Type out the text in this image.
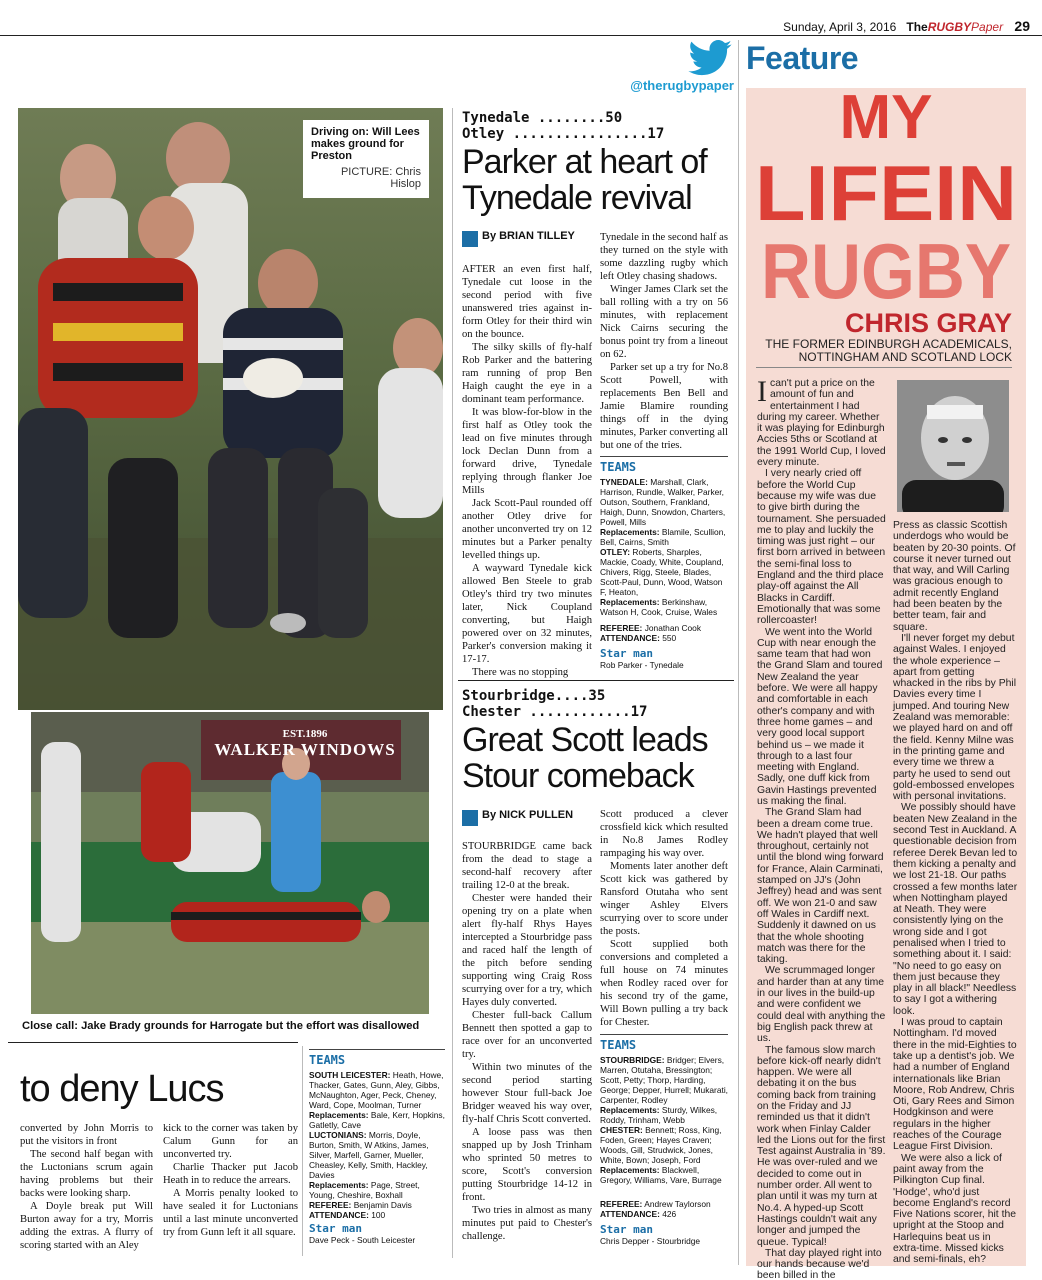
Sunday, April 3, 2016 TheRUGBYPaper 29
@therugbypaper
Feature
Driving on: Will Lees makes ground for Preston
PICTURE: Chris Hislop
EST.1896
WALKER WINDOWS
Close call: Jake Brady grounds for Harrogate but the effort was disallowed
to deny Lucs

converted by John Morris to put the visitors in front

The second half began with the Luctonians scrum again having problems but their backs were looking sharp.

A Doyle break put Will Burton away for a try, Morris adding the extras. A flurry of scoring started with an Aley

kick to the corner was taken by Calum Gunn for an unconverted try.

Charlie Thacker put Jacob Heath in to reduce the arrears.

A Morris penalty looked to have sealed it for Luctonians until a last minute unconverted try from Gunn left it all square.

TEAMS
SOUTH LEICESTER: Heath, Howe, Thacker, Gates, Gunn, Aley, Gibbs, McNaughton, Ager, Peck, Cheney, Ward, Cope, Moolman, Turner
Replacements: Bale, Kerr, Hopkins, Gatletly, Cave
LUCTONIANS: Morris, Doyle, Burton, Smith, W Atkins, James, Silver, Marfell, Garner, Mueller, Cheasley, Kelly, Smith, Hackley, Davies
Replacements: Page, Street, Young, Cheshire, Boxhall
REFEREE: Benjamin Davis
ATTENDANCE: 100
Star man
Dave Peck - South Leicester
Tynedale ........50
Otley ................17
Parker at heart of Tynedale revival
By BRIAN TILLEY

AFTER an even first half, Tynedale cut loose in the second period with five unanswered tries against in-form Otley for their third win on the bounce.

The silky skills of fly-half Rob Parker and the battering ram running of prop Ben Haigh caught the eye in a dominant team performance.

It was blow-for-blow in the first half as Otley took the lead on five minutes through lock Declan Dunn from a forward drive, Tynedale replying through flanker Joe Mills

Jack Scott-Paul rounded off another Otley drive for another unconverted try on 12 minutes but a Parker penalty levelled things up.

A wayward Tynedale kick allowed Ben Steele to grab Otley's third try two minutes later, Nick Coupland converting, but Haigh powered over on 32 minutes, Parker's conversion making it 17-17.

There was no stopping

Tynedale in the second half as they turned on the style with some dazzling rugby which left Otley chasing shadows.

Winger James Clark set the ball rolling with a try on 56 minutes, with replacement Nick Cairns securing the bonus point try from a lineout on 62.

Parker set up a try for No.8 Scott Powell, with replacements Ben Bell and Jamie Blamire rounding things off in the dying minutes, Parker converting all but one of the tries.

TEAMS
TYNEDALE: Marshall, Clark, Harrison, Rundle, Walker, Parker, Outson, Southern, Frankland, Haigh, Dunn, Snowdon, Charters, Powell, Mills
Replacements: Blamile, Scullion, Bell, Cairns, Smith
OTLEY: Roberts, Sharples, Mackie, Coady, White, Coupland, Chivers, Rigg, Steele, Blades, Scott-Paul, Dunn, Wood, Watson F, Heaton,
Replacements: Berkinshaw, Watson H, Cook, Cruise, Wales
REFEREE: Jonathan Cook
ATTENDANCE: 550
Star man
Rob Parker - Tynedale
Stourbridge....35
Chester ............17
Great Scott leads Stour comeback
By NICK PULLEN

STOURBRIDGE came back from the dead to stage a second-half recovery after trailing 12-0 at the break.

Chester were handed their opening try on a plate when alert fly-half Rhys Hayes intercepted a Stourbridge pass and raced half the length of the pitch before sending supporting wing Craig Ross scurrying over for a try, which Hayes duly converted.

Chester full-back Callum Bennett then spotted a gap to race over for an unconverted try.

Within two minutes of the second period starting however Stour full-back Joe Bridger weaved his way over, fly-half Chris Scott converted.

A loose pass was then snapped up by Josh Trinham who sprinted 50 metres to score, Scott's conversion putting Stourbridge 14-12 in front.

Two tries in almost as many minutes put paid to Chester's challenge.

Scott produced a clever crossfield kick which resulted in No.8 James Rodley rampaging his way over.

Moments later another deft Scott kick was gathered by Ransford Otutaha who sent winger Ashley Elvers scurrying over to score under the posts.

Scott supplied both conversions and completed a full house on 74 minutes when Rodley raced over for his second try of the game, Will Bown pulling a try back for Chester.

TEAMS
STOURBRIDGE: Bridger; Elvers, Marren, Otutaha, Bressington; Scott, Petty; Thorp, Harding, George; Depper, Hurrell; Mukarati, Carpenter, Rodley
Replacements: Sturdy, Wilkes, Roddy, Trinham, Webb
CHESTER: Bennett; Ross, King, Foden, Green; Hayes Craven; Woods, Gill, Strudwick, Jones, White, Bown; Joseph, Ford
Replacements: Blackwell, Gregory, Williams, Vare, Burrage
REFEREE: Andrew Taylorson
ATTENDANCE: 426
Star man
Chris Depper - Stourbridge
MY
LIFEIN
RUGBY
CHRIS GRAY
THE FORMER EDINBURGH ACADEMICALS, NOTTINGHAM AND SCOTLAND LOCK

Ican't put a price on the amount of fun and entertainment I had during my career. Whether it was playing for Edinburgh Accies 5ths or Scotland at the 1991 World Cup, I loved every minute.

I very nearly cried off before the World Cup because my wife was due to give birth during the tournament. She persuaded me to play and luckily the timing was just right – our first born arrived in between the semi-final loss to England and the third place play-off against the All Blacks in Cardiff. Emotionally that was some rollercoaster!

We went into the World Cup with near enough the same team that had won the Grand Slam and toured New Zealand the year before. We were all happy and comfortable in each other's company and with three home games – and very good local support behind us – we made it through to a last four meeting with England. Sadly, one duff kick from Gavin Hastings prevented us making the final.

The Grand Slam had been a dream come true. We hadn't played that well throughout, certainly not until the blond wing forward for France, Alain Carminati, stamped on JJ's (John Jeffrey) head and was sent off. We won 21-0 and saw off Wales in Cardiff next. Suddenly it dawned on us that the whole shooting match was there for the taking.

We scrummaged longer and harder than at any time in our lives in the build-up and were confident we could deal with anything the big English pack threw at us.

The famous slow march before kick-off nearly didn't happen. We were all debating it on the bus coming back from training on the Friday and JJ reminded us that it didn't work when Finlay Calder led the Lions out for the first Test against Australia in '89. He was over-ruled and we decided to come out in number order. All went to plan until it was my turn at No.4. A hyped-up Scott Hastings couldn't wait any longer and jumped the queue. Typical!

That day played right into our hands because we'd been billed in the

Press as classic Scottish underdogs who would be beaten by 20-30 points. Of course it never turned out that way, and Will Carling was gracious enough to admit recently England had been beaten by the better team, fair and square.

I'll never forget my debut against Wales. I enjoyed the whole experience – apart from getting whacked in the ribs by Phil Davies every time I jumped. And touring New Zealand was memorable: we played hard on and off the field. Kenny Milne was in the printing game and every time we threw a party he used to send out gold-embossed envelopes with personal invitations.

We possibly should have beaten New Zealand in the second Test in Auckland. A questionable decision from referee Derek Bevan led to them kicking a penalty and we lost 21-18. Our paths crossed a few months later when Nottingham played at Neath. They were consistently lying on the wrong side and I got penalised when I tried to something about it. I said: "No need to go easy on them just because they play in all black!" Needless to say I got a withering look.

I was proud to captain Nottingham. I'd moved there in the mid-Eighties to take up a dentist's job. We had a number of England internationals like Brian Moore, Rob Andrew, Chris Oti, Gary Rees and Simon Hodgkinson and were regulars in the higher reaches of the Courage League First Division.

We were also a lick of paint away from the Pilkington Cup final. 'Hodge', who'd just become England's record Five Nations scorer, hit the upright at the Stoop and Harlequins beat us in extra-time. Missed kicks and semi-finals, eh?
